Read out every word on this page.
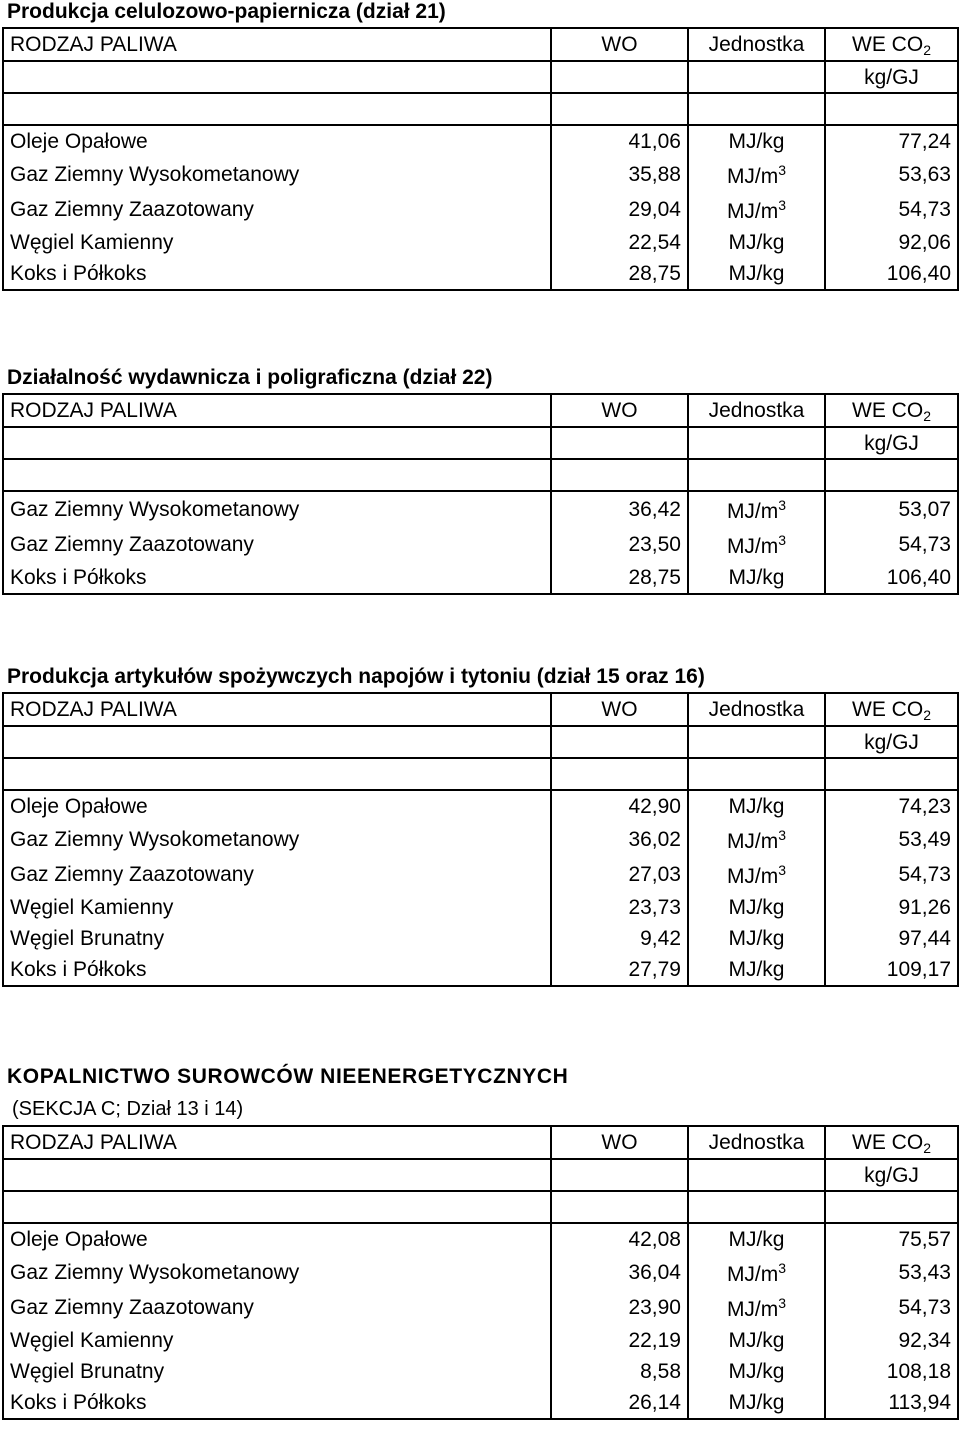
Produkcja celulozowo-papiernicza (dział 21)
RODZAJ PALIWA	WO	Jednostka	WE $CO_2$
			kg/GJ

Oleje Opałowe	41,06	MJ/kg	77,24
Gaz Ziemny Wysokometanowy	35,88	$MJ/m^3$	53,63
Gaz Ziemny Zaazotowany	29,04	$MJ/m^3$	54,73
Węgiel Kamienny	22,54	MJ/kg	92,06
Koks i Półkoks	28,75	MJ/kg	106,40
Działalność wydawnicza i poligraficzna (dział 22)
RODZAJ PALIWA	WO	Jednostka	WE $CO_2$
			kg/GJ

Gaz Ziemny Wysokometanowy	36,42	$MJ/m^3$	53,07
Gaz Ziemny Zaazotowany	23,50	$MJ/m^3$	54,73
Koks i Półkoks	28,75	MJ/kg	106,40
Produkcja artykułów spożywczych napojów i tytoniu (dział 15 oraz 16)
RODZAJ PALIWA	WO	Jednostka	WE $CO_2$
			kg/GJ

Oleje Opałowe	42,90	MJ/kg	74,23
Gaz Ziemny Wysokometanowy	36,02	$MJ/m^3$	53,49
Gaz Ziemny Zaazotowany	27,03	$MJ/m^3$	54,73
Węgiel Kamienny	23,73	MJ/kg	91,26
Węgiel Brunatny	9,42	MJ/kg	97,44
Koks i Półkoks	27,79	MJ/kg	109,17
KOPALNICTWO SUROWCÓW NIEENERGETYCZNYCH
(SEKCJA C; Dział 13 i 14)
RODZAJ PALIWA	WO	Jednostka	WE $CO_2$
			kg/GJ

Oleje Opałowe	42,08	MJ/kg	75,57
Gaz Ziemny Wysokometanowy	36,04	$MJ/m^3$	53,43
Gaz Ziemny Zaazotowany	23,90	$MJ/m^3$	54,73
Węgiel Kamienny	22,19	MJ/kg	92,34
Węgiel Brunatny	8,58	MJ/kg	108,18
Koks i Półkoks	26,14	MJ/kg	113,94
